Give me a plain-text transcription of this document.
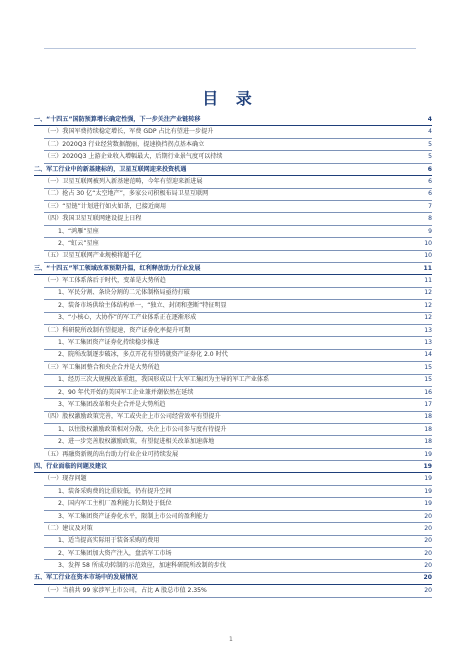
目 录
一、“十四五”国防预算增长确定性强，下一步关注产业链转移	4
（一）我国军费持续稳定增长，军费 GDP 占比有望进一步提升	4
（二）2020Q3 行业经营数据靓丽，提速换挡拐点基本确立	5
（三）2020Q3 上游企业收入增幅最大，后期行业景气度可以持续	5
二、军工行业中的新基建标的，卫星互联网迎来投资机遇	6
（一）卫星互联网被列入新基建范畴，今年有望迎来新进展	6
（二）抢占 30 亿“太空地产”，多家公司积极布局卫星互联网	6
（三）“星链”计划进行如火如荼，已接近商用	7
（四）我国卫星互联网建设提上日程	8
1、“鸿雁”星座	9
2、“虹云”星座	10
（五）卫星互联网产业规模将超千亿	10
三、“十四五”军工领域改革预期升温，红利释放助力行业发展	11
（一）军工体系落后于时代，变革是大势所趋	11
1、军民分割、条块分割的二元体制格局亟待打破	12
2、装备市场供给主体结构单一，“独立、封闭和垄断”特征明显	12
3、“小核心，大协作”的军工产业体系正在逐渐形成	12
（二）科研院所改制有望提速，资产证券化率提升可期	13
1、军工集团资产证券化持续稳步推进	13
2、院所改制逐步破冰，多点开花有望铸就资产证券化 2.0 时代	14
（三）军工集团整合和央企合并是大势所趋	15
1、经历三次大规模改革重组，我国形成以十大军工集团为主导的军工产业体系	15
2、90 年代开始的美国军工企业兼并潮依然在延续	16
3、军工集团改革和央企合并是大势所趋	17
（四）股权激励政策完善，军工或央企上市公司经营效率有望提升	18
1、以往股权激励政策相对分散，央企上市公司参与度有待提升	18
2、进一步完善股权激励政策，有望促进相关改革加速落地	18
（五）再融资新规的出台助力行业企业可持续发展	19
四、行业面临的问题及建议	19
（一）现存问题	19
1、装备采购费的比重较低，仍有提升空间	19
2、国内军工主机厂盈利能力长期处于低位	19
3、军工集团资产证券化水平，限制上市公司的盈利能力	20
（二）建议及对策	20
1、适当提高实际用于装备采购的费用	20
2、军工集团加大资产注入，盘活军工市场	20
3、发挥 58 所成功转制的示范效应，加速科研院所改制的步伐	20
五、军工行业在资本市场中的发展情况	20
（一）当前共 99 家涉军上市公司，占比 A 股总市值 2.35%	20
1
